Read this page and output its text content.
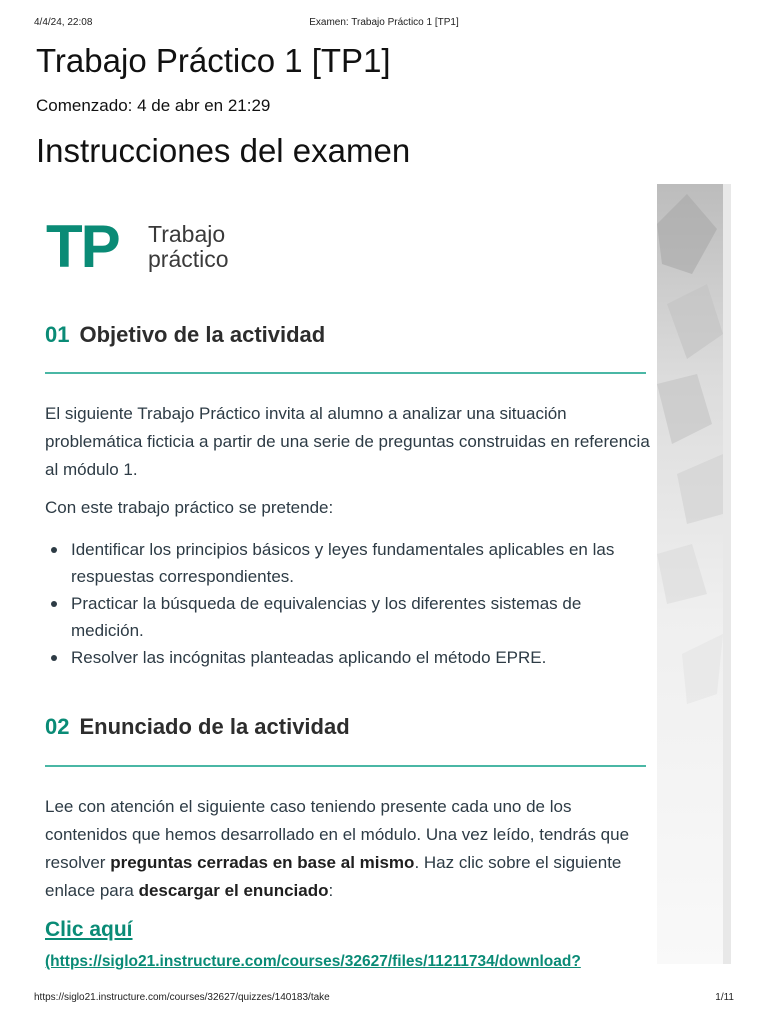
4/4/24, 22:08	Examen: Trabajo Práctico 1 [TP1]
Trabajo Práctico 1 [TP1]
Comenzado: 4 de abr en 21:29
Instrucciones del examen
TP Trabajo
práctico
01 Objetivo de la actividad

El siguiente Trabajo Práctico invita al alumno a analizar una situación problemática ficticia a partir de una serie de preguntas construidas en referencia al módulo 1.

Con este trabajo práctico se pretende:

Identificar los principios básicos y leyes fundamentales aplicables en las respuestas correspondientes.
Practicar la búsqueda de equivalencias y los diferentes sistemas de medición.
Resolver las incógnitas planteadas aplicando el método EPRE.
02 Enunciado de la actividad

Lee con atención el siguiente caso teniendo presente cada uno de los contenidos que hemos desarrollado en el módulo. Una vez leído, tendrás que resolver preguntas cerradas en base al mismo. Haz clic sobre el siguiente enlace para descargar el enunciado:

Clic aquí
(https://siglo21.instructure.com/courses/32627/files/11211734/download?
https://siglo21.instructure.com/courses/32627/quizzes/140183/take	1/11
